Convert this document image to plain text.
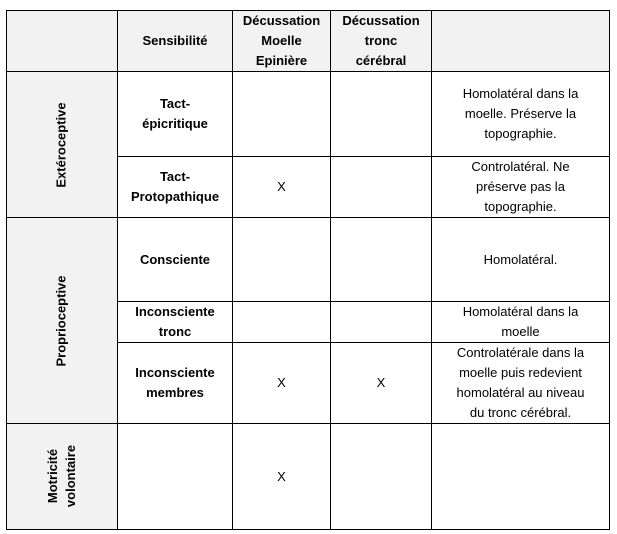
	Sensibilité	Décussation
Moelle
Epinière	Décussation
tronc
cérébral	
Extéroceptive	Tact-
épicritique			Homolatéral dans la
moelle. Préserve la
topographie.
	Tact-
Protopathique	X		Controlatéral. Ne
préserve pas la
topographie.
Proprioceptive	Consciente			Homolatéral.
	Inconsciente
tronc			Homolatéral dans la
moelle
	Inconsciente
membres	X	X	Controlatérale dans la
moelle puis redevient
homolatéral au niveau
du tronc cérébral.
Motricité volontaire		X		
